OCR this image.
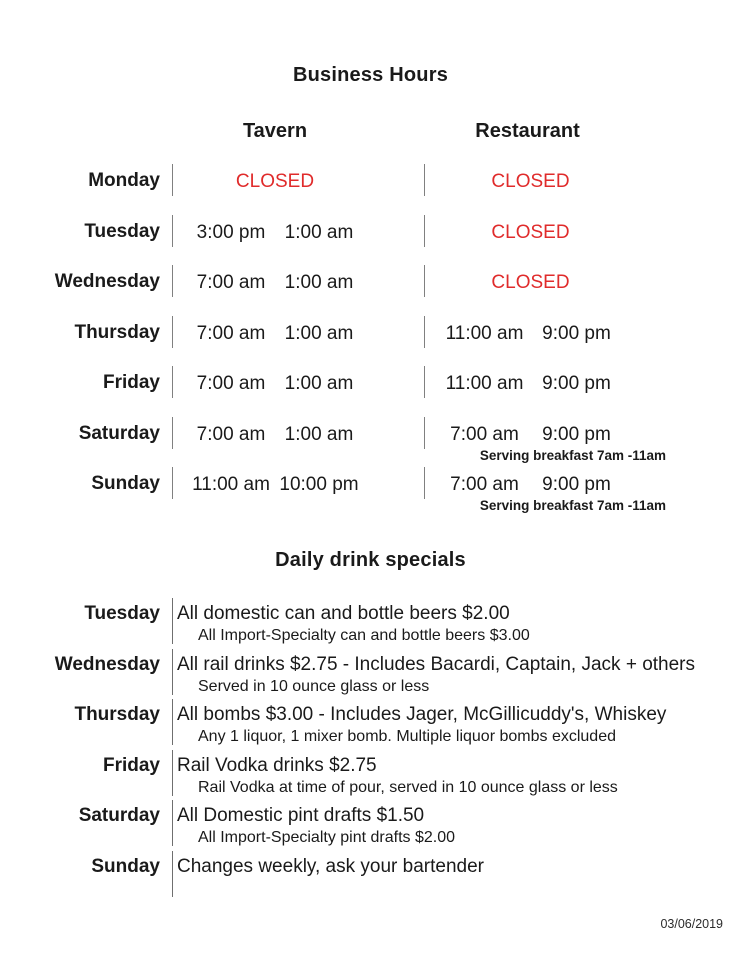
Business Hours
Tavern	Restaurant
Monday	CLOSED	CLOSED
Tuesday	3:00 pm 1:00 am	CLOSED
Wednesday	7:00 am 1:00 am	CLOSED
Thursday	7:00 am 1:00 am	11:00 am 9:00 pm
Friday	7:00 am 1:00 am	11:00 am 9:00 pm
Saturday	7:00 am 1:00 am	7:00 am 9:00 pm
Serving breakfast 7am -11am
Sunday	11:00 am 10:00 pm	7:00 am 9:00 pm
Serving breakfast 7am -11am
Daily drink specials
Tuesday All domestic can and bottle beers $2.00
All Import-Specialty can and bottle beers $3.00
Wednesday All rail drinks $2.75 - Includes Bacardi, Captain, Jack + others
Served in 10 ounce glass or less
Thursday All bombs $3.00 - Includes Jager, McGillicuddy's, Whiskey
Any 1 liquor, 1 mixer bomb. Multiple liquor bombs excluded
Friday Rail Vodka drinks $2.75
Rail Vodka at time of pour, served in 10 ounce glass or less
Saturday All Domestic pint drafts $1.50
All Import-Specialty pint drafts $2.00
Sunday Changes weekly, ask your bartender
03/06/2019
